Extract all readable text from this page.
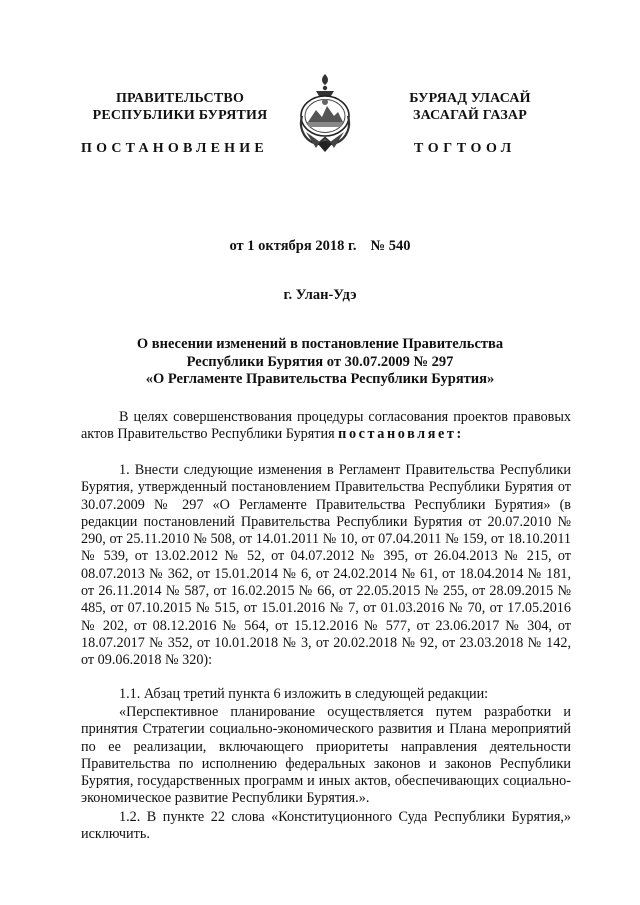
ПРАВИТЕЛЬСТВО
РЕСПУБЛИКИ БУРЯТИЯ
БУРЯАД УЛАСАЙ
ЗАСАГАЙ ГАЗАР
ПОСТАНОВЛЕНИЕ	ТОГТООЛ
от 1 октября 2018 г. № 540
г. Улан-Удэ
О внесении изменений в постановление Правительства
Республики Бурятия от 30.07.2009 № 297
«О Регламенте Правительства Республики Бурятия»
В целях совершенствования процедуры согласования проектов правовых актов Правительство Республики Бурятия постановляет:
1. Внести следующие изменения в Регламент Правительства Республики Бурятия, утвержденный постановлением Правительства Республики Бурятия от 30.07.2009 № 297 «О Регламенте Правительства Республики Бурятия» (в редакции постановлений Правительства Республики Бурятия от 20.07.2010 № 290, от 25.11.2010 № 508, от 14.01.2011 № 10, от 07.04.2011 № 159, от 18.10.2011 № 539, от 13.02.2012 № 52, от 04.07.2012 № 395, от 26.04.2013 № 215, от 08.07.2013 № 362, от 15.01.2014 № 6, от 24.02.2014 № 61, от 18.04.2014 № 181, от 26.11.2014 № 587, от 16.02.2015 № 66, от 22.05.2015 № 255, от 28.09.2015 № 485, от 07.10.2015 № 515, от 15.01.2016 № 7, от 01.03.2016 № 70, от 17.05.2016 № 202, от 08.12.2016 № 564, от 15.12.2016 № 577, от 23.06.2017 № 304, от 18.07.2017 № 352, от 10.01.2018 № 3, от 20.02.2018 № 92, от 23.03.2018 № 142, от 09.06.2018 № 320):
1.1. Абзац третий пункта 6 изложить в следующей редакции:
«Перспективное планирование осуществляется путем разработки и принятия Стратегии социально-экономического развития и Плана мероприятий по ее реализации, включающего приоритеты направления деятельности Правительства по исполнению федеральных законов и законов Республики Бурятия, государственных программ и иных актов, обеспечивающих социально-экономическое развитие Республики Бурятия.».
1.2. В пункте 22 слова «Конституционного Суда Республики Бурятия,» исключить.
